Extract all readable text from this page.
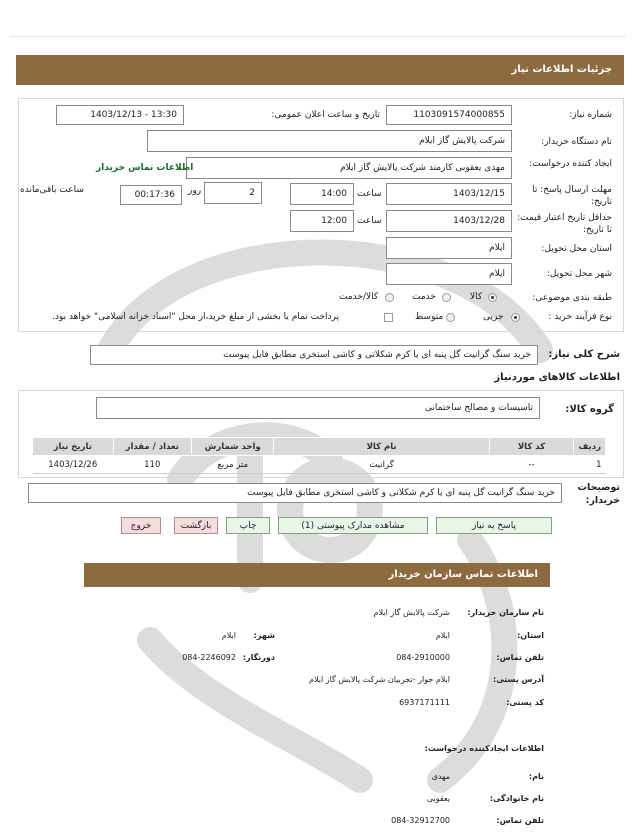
جزئیات اطلاعات نیاز
شماره نیاز:
1103091574000855
تاریخ و ساعت اعلان عمومی:
1403/12/13 - 13:30
نام دستگاه خریدار:
شرکت پالایش گاز ایلام
ایجاد کننده درخواست:
مهدی یعقوبی کارمند شرکت پالایش گاز ایلام
اطلاعات تماس خریدار
مهلت ارسال پاسخ: تا تاریخ:
1403/12/15
ساعت
14:00
2
روز
00:17:36
ساعت باقی‌مانده
حداقل تاریخ اعتبار قیمت: تا تاریخ:
1403/12/28
ساعت
12:00
استان محل تحویل:
ایلام
شهر محل تحویل:
ایلام
طبقه بندی موضوعی:
کالا
خدمت
کالا/خدمت
نوع فرآیند خرید :
جزیی
متوسط
پرداخت تمام یا بخشی از مبلغ خرید،از محل "اسناد خزانه اسلامی" خواهد بود.
شرح کلی نیاز:
خرید سنگ گرانیت گل پنبه ای یا کرم شکلاتی و کاشی استخری مطابق فایل پیوست
اطلاعات کالاهای موردنیاز
گروه کالا:
تاسیسات و مصالح ساختمانی
ردیف	کد کالا	نام کالا	واحد شمارش	تعداد / مقدار	تاریخ نیاز
1	--	گرانیت	متر مربع	110	1403/12/26
توضیحات خریدار:
خرید سنگ گرانیت گل پنبه ای یا کرم شکلاتی و کاشی استخری مطابق فایل پیوست
پاسخ به نیاز
مشاهده مدارک پیوستی (1)
چاپ
بازگشت
خروج
اطلاعات تماس سازمان خریدار
نام سازمان خریدار:
شرکت پالایش گاز ایلام
استان:
ایلام
شهر:
ایلام
تلفن تماس:
084-2910000
دورنگار:
084-2246092
آدرس پستی:
ایلام جوار -تجربیان شرکت پالایش گاز ایلام
کد پستی:
6937171111
اطلاعات ایجادکننده درخواست:
نام:
مهدی
نام خانوادگی:
یعقوبی
تلفن تماس:
084-32912700
